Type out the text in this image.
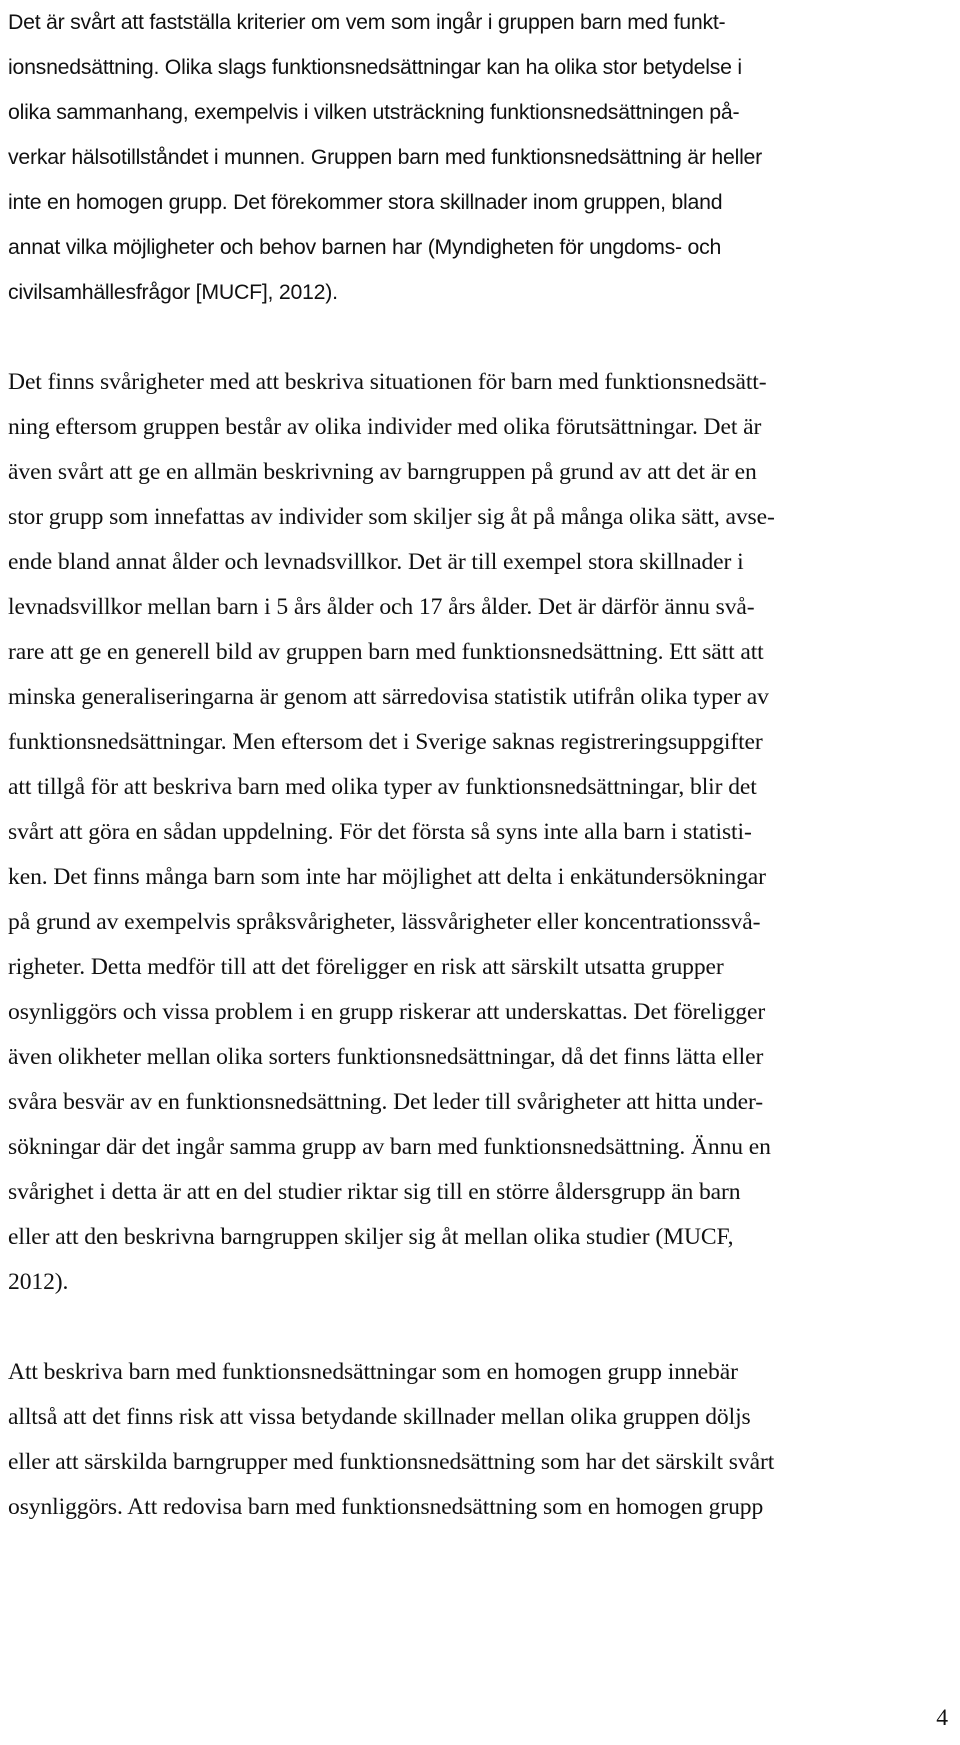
Det är svårt att fastställa kriterier om vem som ingår i gruppen barn med funkt-
ionsnedsättning. Olika slags funktionsnedsättningar kan ha olika stor betydelse i
olika sammanhang, exempelvis i vilken utsträckning funktionsnedsättningen på-
verkar hälsotillståndet i munnen. Gruppen barn med funktionsnedsättning är heller
inte en homogen grupp. Det förekommer stora skillnader inom gruppen, bland
annat vilka möjligheter och behov barnen har (Myndigheten för ungdoms- och
civilsamhällesfrågor [MUCF], 2012).
Det finns svårigheter med att beskriva situationen för barn med funktionsnedsätt-
ning eftersom gruppen består av olika individer med olika förutsättningar. Det är
även svårt att ge en allmän beskrivning av barngruppen på grund av att det är en
stor grupp som innefattas av individer som skiljer sig åt på många olika sätt, avse-
ende bland annat ålder och levnadsvillkor. Det är till exempel stora skillnader i
levnadsvillkor mellan barn i 5 års ålder och 17 års ålder. Det är därför ännu svå-
rare att ge en generell bild av gruppen barn med funktionsnedsättning. Ett sätt att
minska generaliseringarna är genom att särredovisa statistik utifrån olika typer av
funktionsnedsättningar. Men eftersom det i Sverige saknas registreringsuppgifter
att tillgå för att beskriva barn med olika typer av funktionsnedsättningar, blir det
svårt att göra en sådan uppdelning. För det första så syns inte alla barn i statisti-
ken. Det finns många barn som inte har möjlighet att delta i enkätundersökningar
på grund av exempelvis språksvårigheter, lässvårigheter eller koncentrationssvå-
righeter. Detta medför till att det föreligger en risk att särskilt utsatta grupper
osynliggörs och vissa problem i en grupp riskerar att underskattas. Det föreligger
även olikheter mellan olika sorters funktionsnedsättningar, då det finns lätta eller
svåra besvär av en funktionsnedsättning. Det leder till svårigheter att hitta under-
sökningar där det ingår samma grupp av barn med funktionsnedsättning. Ännu en
svårighet i detta är att en del studier riktar sig till en större åldersgrupp än barn
eller att den beskrivna barngruppen skiljer sig åt mellan olika studier (MUCF,
2012).
Att beskriva barn med funktionsnedsättningar som en homogen grupp innebär
alltså att det finns risk att vissa betydande skillnader mellan olika gruppen döljs
eller att särskilda barngrupper med funktionsnedsättning som har det särskilt svårt
osynliggörs. Att redovisa barn med funktionsnedsättning som en homogen grupp
4
